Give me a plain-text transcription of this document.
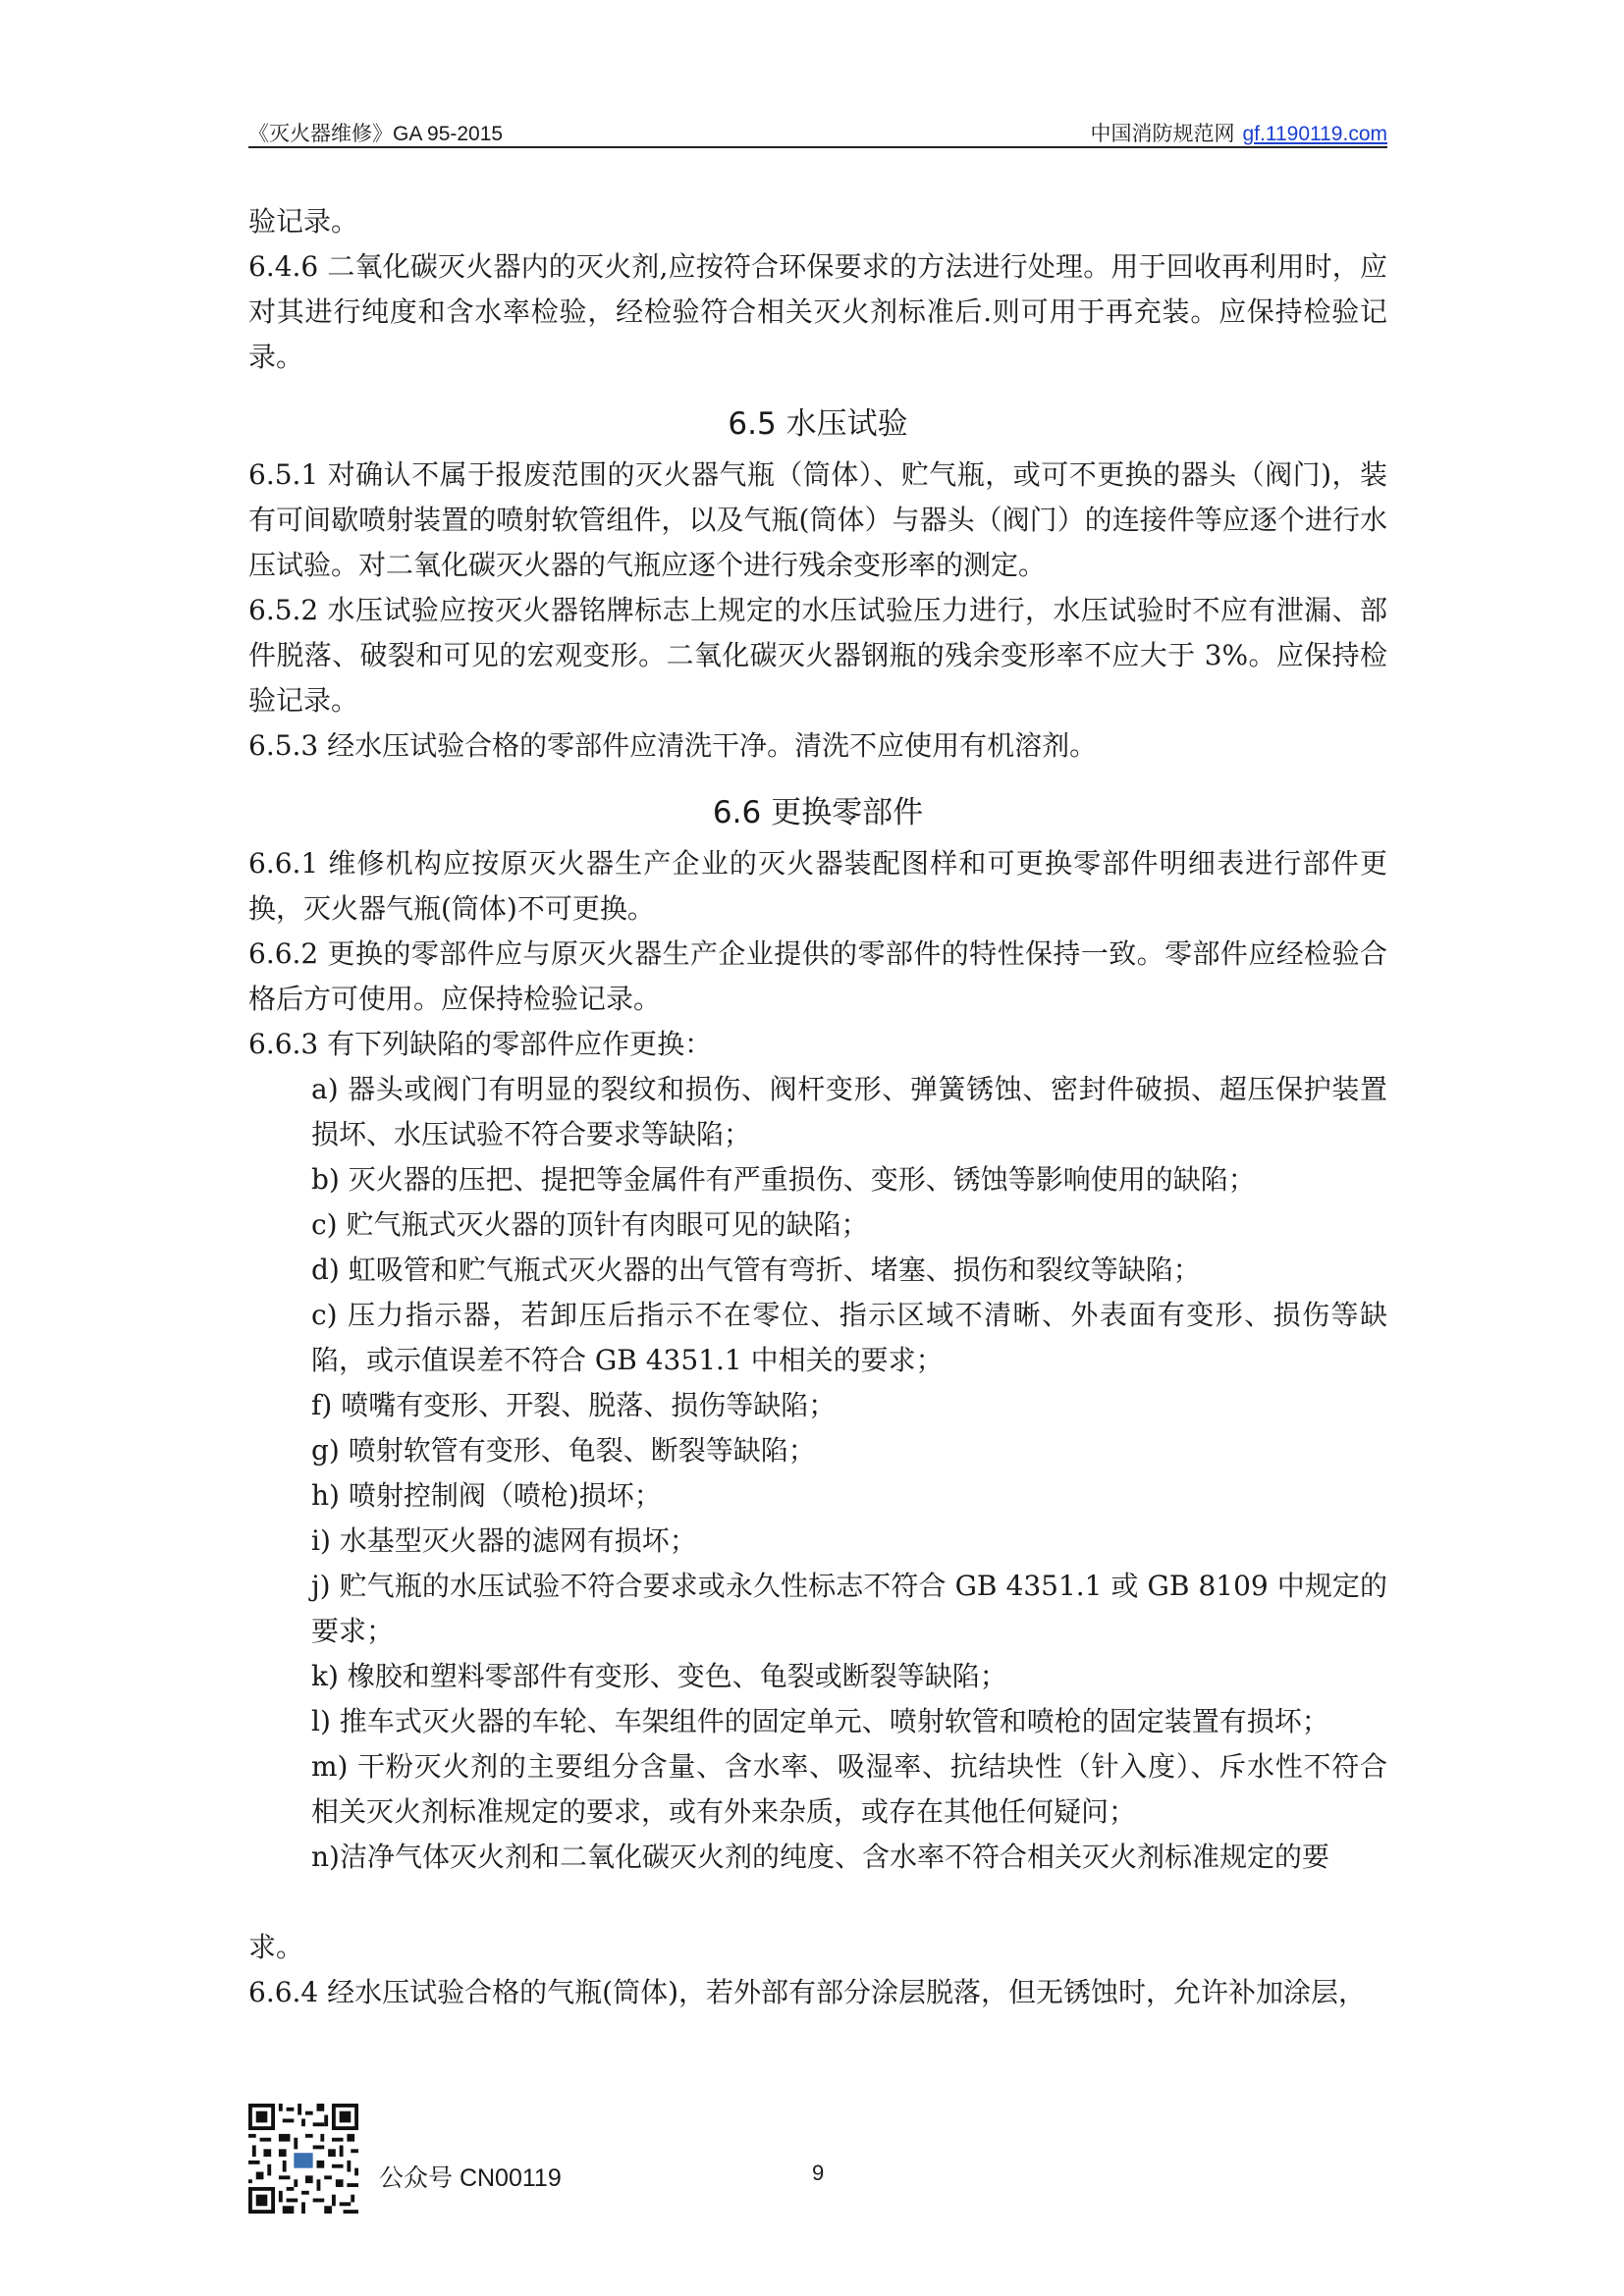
《灭火器维修》GA 95-2015	中国消防规范网 gf.1190119.com

验记录。

6.4.6 二氧化碳灭火器内的灭火剂,应按符合环保要求的方法进行处理。用于回收再利用时，应对其进行纯度和含水率检验，经检验符合相关灭火剂标准后.则可用于再充装。应保持检验记录。

6.5 水压试验

6.5.1 对确认不属于报废范围的灭火器气瓶（筒体）、贮气瓶，或可不更换的器头（阀门)，装有可间歇喷射装置的喷射软管组件，以及气瓶(筒体）与器头（阀门）的连接件等应逐个进行水压试验。对二氧化碳灭火器的气瓶应逐个进行残余变形率的测定。

6.5.2 水压试验应按灭火器铭牌标志上规定的水压试验压力进行，水压试验时不应有泄漏、部件脱落、破裂和可见的宏观变形。二氧化碳灭火器钢瓶的残余变形率不应大于 3%。应保持检验记录。

6.5.3 经水压试验合格的零部件应清洗干净。清洗不应使用有机溶剂。

6.6 更换零部件

6.6.1 维修机构应按原灭火器生产企业的灭火器装配图样和可更换零部件明细表进行部件更换，灭火器气瓶(筒体)不可更换。

6.6.2 更换的零部件应与原灭火器生产企业提供的零部件的特性保持一致。零部件应经检验合格后方可使用。应保持检验记录。

6.6.3 有下列缺陷的零部件应作更换：

a) 器头或阀门有明显的裂纹和损伤、阀杆变形、弹簧锈蚀、密封件破损、超压保护装置损坏、水压试验不符合要求等缺陷；

b) 灭火器的压把、提把等金属件有严重损伤、变形、锈蚀等影响使用的缺陷；

c) 贮气瓶式灭火器的顶针有肉眼可见的缺陷；

d) 虹吸管和贮气瓶式灭火器的出气管有弯折、堵塞、损伤和裂纹等缺陷；

c) 压力指示器，若卸压后指示不在零位、指示区域不清晰、外表面有变形、损伤等缺陷，或示值误差不符合 GB 4351.1 中相关的要求；

f) 喷嘴有变形、开裂、脱落、损伤等缺陷；

g) 喷射软管有变形、龟裂、断裂等缺陷；

h) 喷射控制阀（喷枪)损坏；

i) 水基型灭火器的滤网有损坏；

j) 贮气瓶的水压试验不符合要求或永久性标志不符合 GB 4351.1 或 GB 8109 中规定的要求；

k) 橡胶和塑料零部件有变形、变色、龟裂或断裂等缺陷；

l) 推车式灭火器的车轮、车架组件的固定单元、喷射软管和喷枪的固定装置有损坏；

m) 干粉灭火剂的主要组分含量、含水率、吸湿率、抗结块性（针入度）、斥水性不符合相关灭火剂标准规定的要求，或有外来杂质，或存在其他任何疑问；

n)洁净气体灭火剂和二氧化碳灭火剂的纯度、含水率不符合相关灭火剂标准规定的要

求。

6.6.4 经水压试验合格的气瓶(筒体)，若外部有部分涂层脱落，但无锈蚀时，允许补加涂层，

公众号 CN00119	9
